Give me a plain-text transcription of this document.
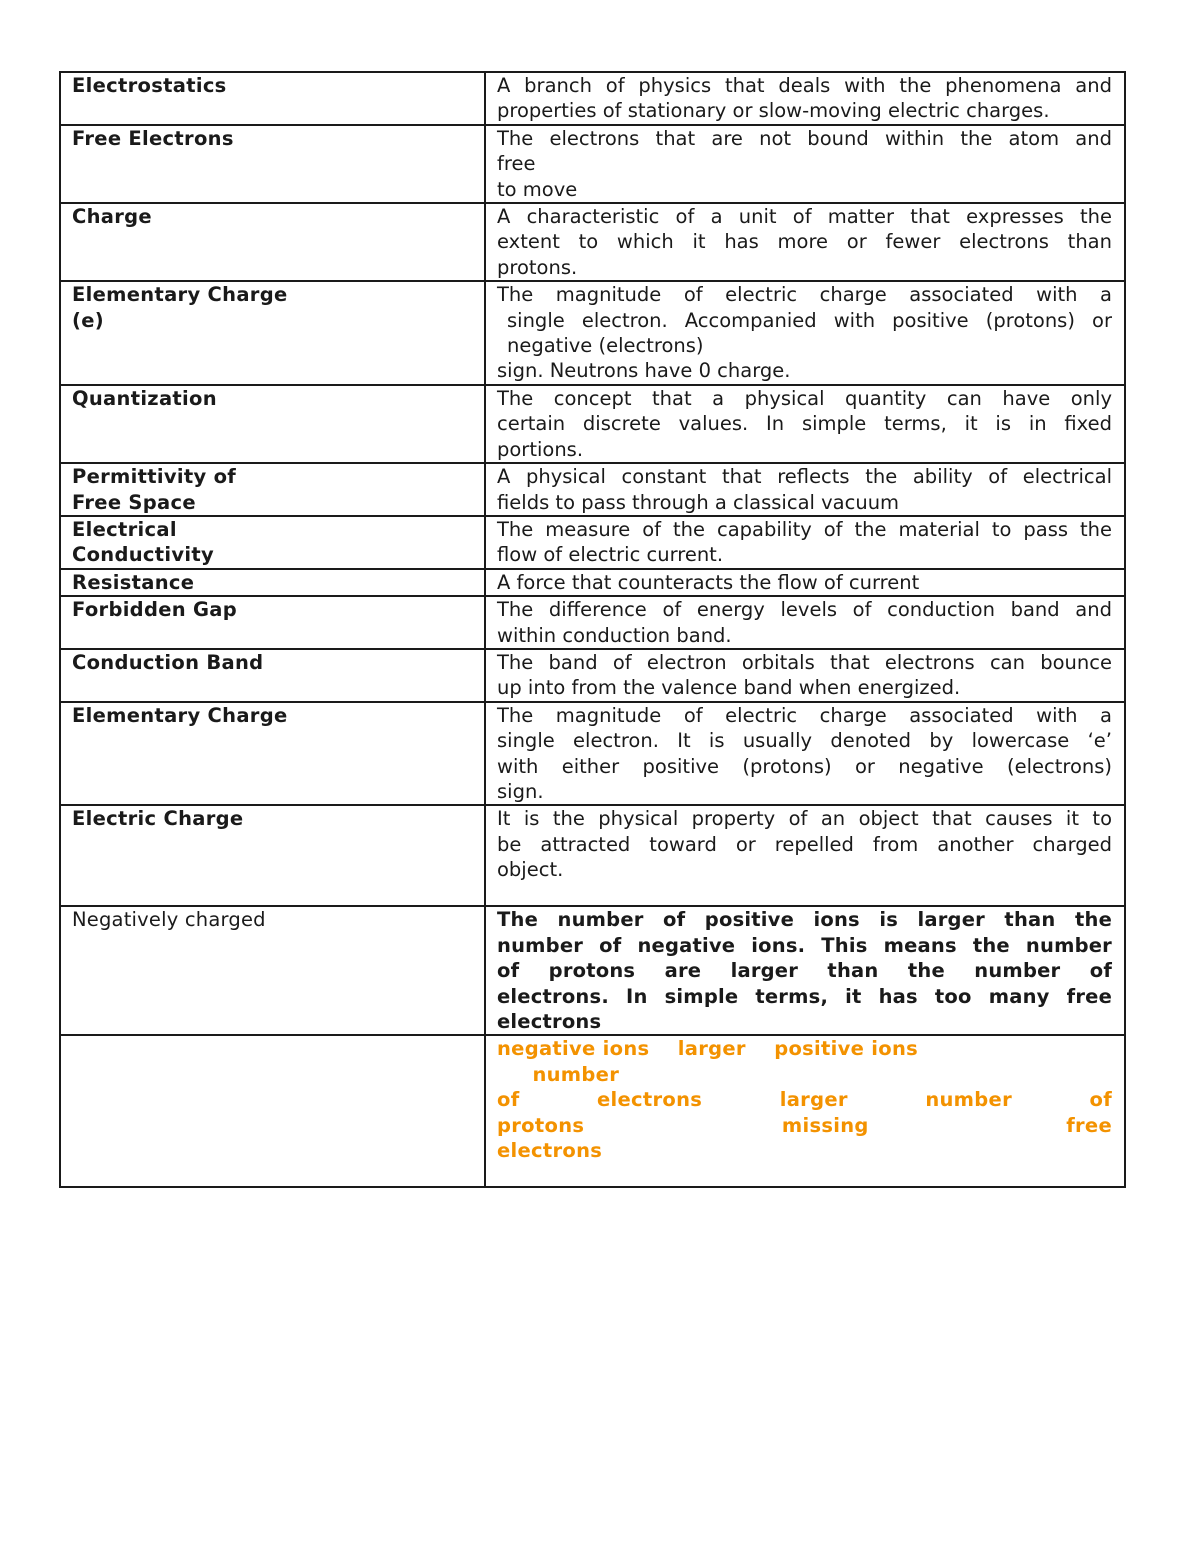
Electrostatics	A branch of physics that deals with the phenomena and
properties of stationary or slow-moving electric charges.

Free Electrons	The electrons that are not bound within the atom and
free
to move

Charge	A characteristic of a unit of matter that expresses the
extent to which it has more or fewer electrons than
protons.

Elementary Charge
(e)	The magnitude of electric charge associated with a
single electron. Accompanied with positive (protons) or
negative (electrons)
sign. Neutrons have 0 charge.

Quantization	The concept that a physical quantity can have only
certain discrete values. In simple terms, it is in fixed
portions.

Permittivity of
Free Space	A physical constant that reflects the ability of electrical
fields to pass through a classical vacuum

Electrical
Conductivity	The measure of the capability of the material to pass the
flow of electric current.

Resistance	A force that counteracts the flow of current

Forbidden Gap	The difference of energy levels of conduction band and
within conduction band.

Conduction Band	The band of electron orbitals that electrons can bounce
up into from the valence band when energized.

Elementary Charge	The magnitude of electric charge associated with a
single electron. It is usually denoted by lowercase ‘e’
with either positive (protons) or negative (electrons)
sign.

Electric Charge	It is the physical property of an object that causes it to
be attracted toward or repelled from another charged
object.

Negatively charged	The number of positive ions is larger than the
number of negative ions. This means the number
of protons are larger than the number of
electrons. In simple terms, it has too many free
electrons

	negative ions    larger    positive ions
number
of electrons larger number of
protons missing free
electrons
